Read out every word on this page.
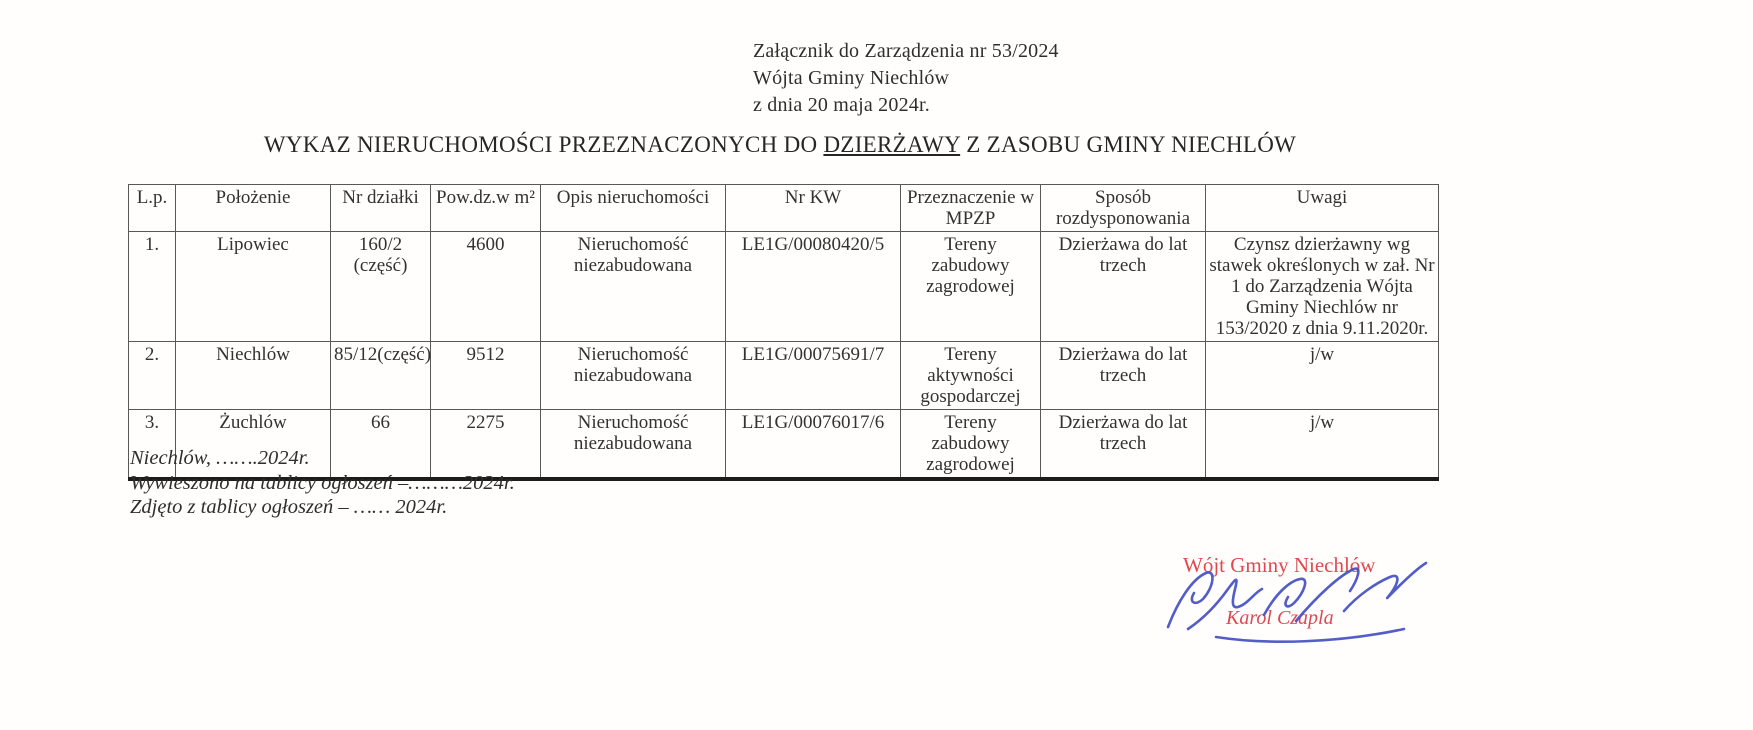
Załącznik do Zarządzenia nr 53/2024
Wójta Gminy Niechlów
z dnia 20 maja 2024r.
WYKAZ NIERUCHOMOŚCI PRZEZNACZONYCH DO DZIERŻAWY Z ZASOBU GMINY NIECHLÓW
L.p.	Położenie	Nr działki	Pow.dz.w m²	Opis nieruchomości	Nr KW	Przeznaczenie w MPZP	Sposób rozdysponowania	Uwagi
1.	Lipowiec	160/2 (część)	4600	Nieruchomość niezabudowana	LE1G/00080420/5	Tereny zabudowy zagrodowej	Dzierżawa do lat trzech	Czynsz dzierżawny wg stawek określonych w zał. Nr 1 do Zarządzenia Wójta Gminy Niechlów nr 153/2020 z dnia 9.11.2020r.
2.	Niechlów	85/12(część)	9512	Nieruchomość niezabudowana	LE1G/00075691/7	Tereny aktywności gospodarczej	Dzierżawa do lat trzech	j/w
3.	Żuchlów	66	2275	Nieruchomość niezabudowana	LE1G/00076017/6	Tereny zabudowy zagrodowej	Dzierżawa do lat trzech	j/w
Niechlów, …….2024r.
Wywieszono na tablicy ogłoszeń –………2024r.
Zdjęto z tablicy ogłoszeń – …… 2024r.
Wójt Gminy Niechlów
Karol Czapla
